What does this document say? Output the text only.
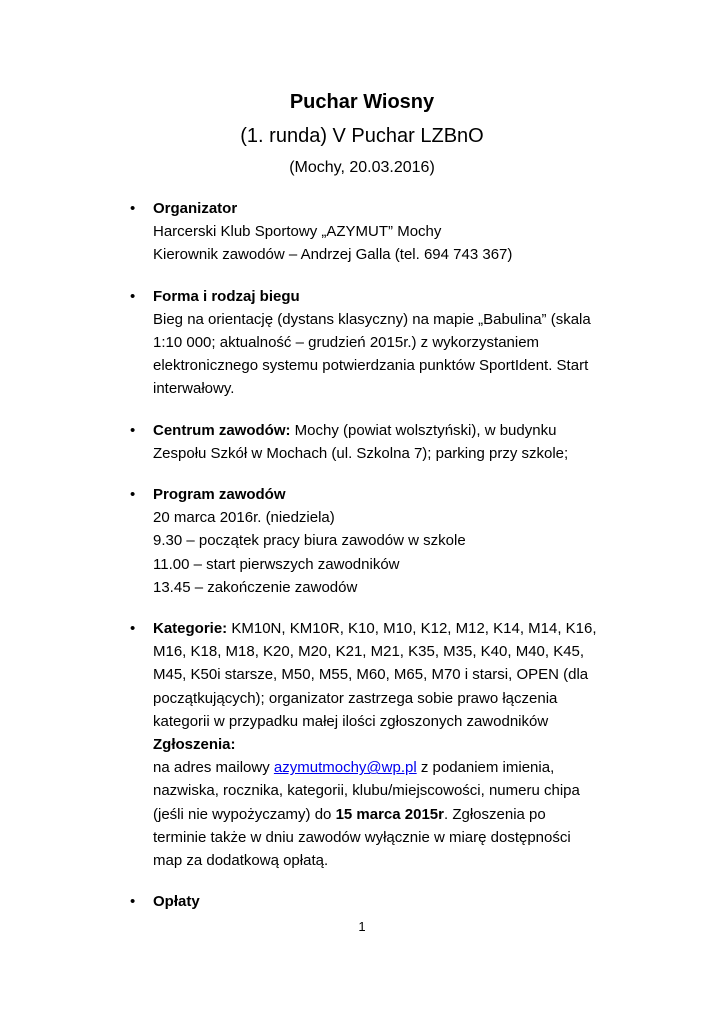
Puchar Wiosny

(1. runda) V Puchar LZBnO

(Mochy, 20.03.2016)

• Organizator
Harcerski Klub Sportowy „AZYMUT” Mochy
Kierownik zawodów – Andrzej Galla (tel. 694 743 367)
• Forma i rodzaj biegu
Bieg na orientację (dystans klasyczny) na mapie „Babulina” (skala
1:10 000; aktualność – grudzień 2015r.) z wykorzystaniem
elektronicznego systemu potwierdzania punktów SportIdent. Start
interwałowy.
• Centrum zawodów: Mochy (powiat wolsztyński), w budynku
Zespołu Szkół w Mochach (ul. Szkolna 7); parking przy szkole;
• Program zawodów
20 marca 2016r. (niedziela)
9.30 – początek pracy biura zawodów w szkole
11.00 – start pierwszych zawodników
13.45 – zakończenie zawodów
• Kategorie: KM10N, KM10R, K10, M10, K12, M12, K14, M14, K16,
M16, K18, M18, K20, M20, K21, M21, K35, M35, K40, M40, K45,
M45, K50i starsze, M50, M55, M60, M65, M70 i starsi, OPEN (dla
początkujących); organizator zastrzega sobie prawo łączenia
kategorii w przypadku małej ilości zgłoszonych zawodników
Zgłoszenia:
na adres mailowy azymutmochy@wp.pl z podaniem imienia,
nazwiska, rocznika, kategorii, klubu/miejscowości, numeru chipa
(jeśli nie wypożyczamy) do 15 marca 2015r. Zgłoszenia po
terminie także w dniu zawodów wyłącznie w miarę dostępności
map za dodatkową opłatą.
• Opłaty
1
